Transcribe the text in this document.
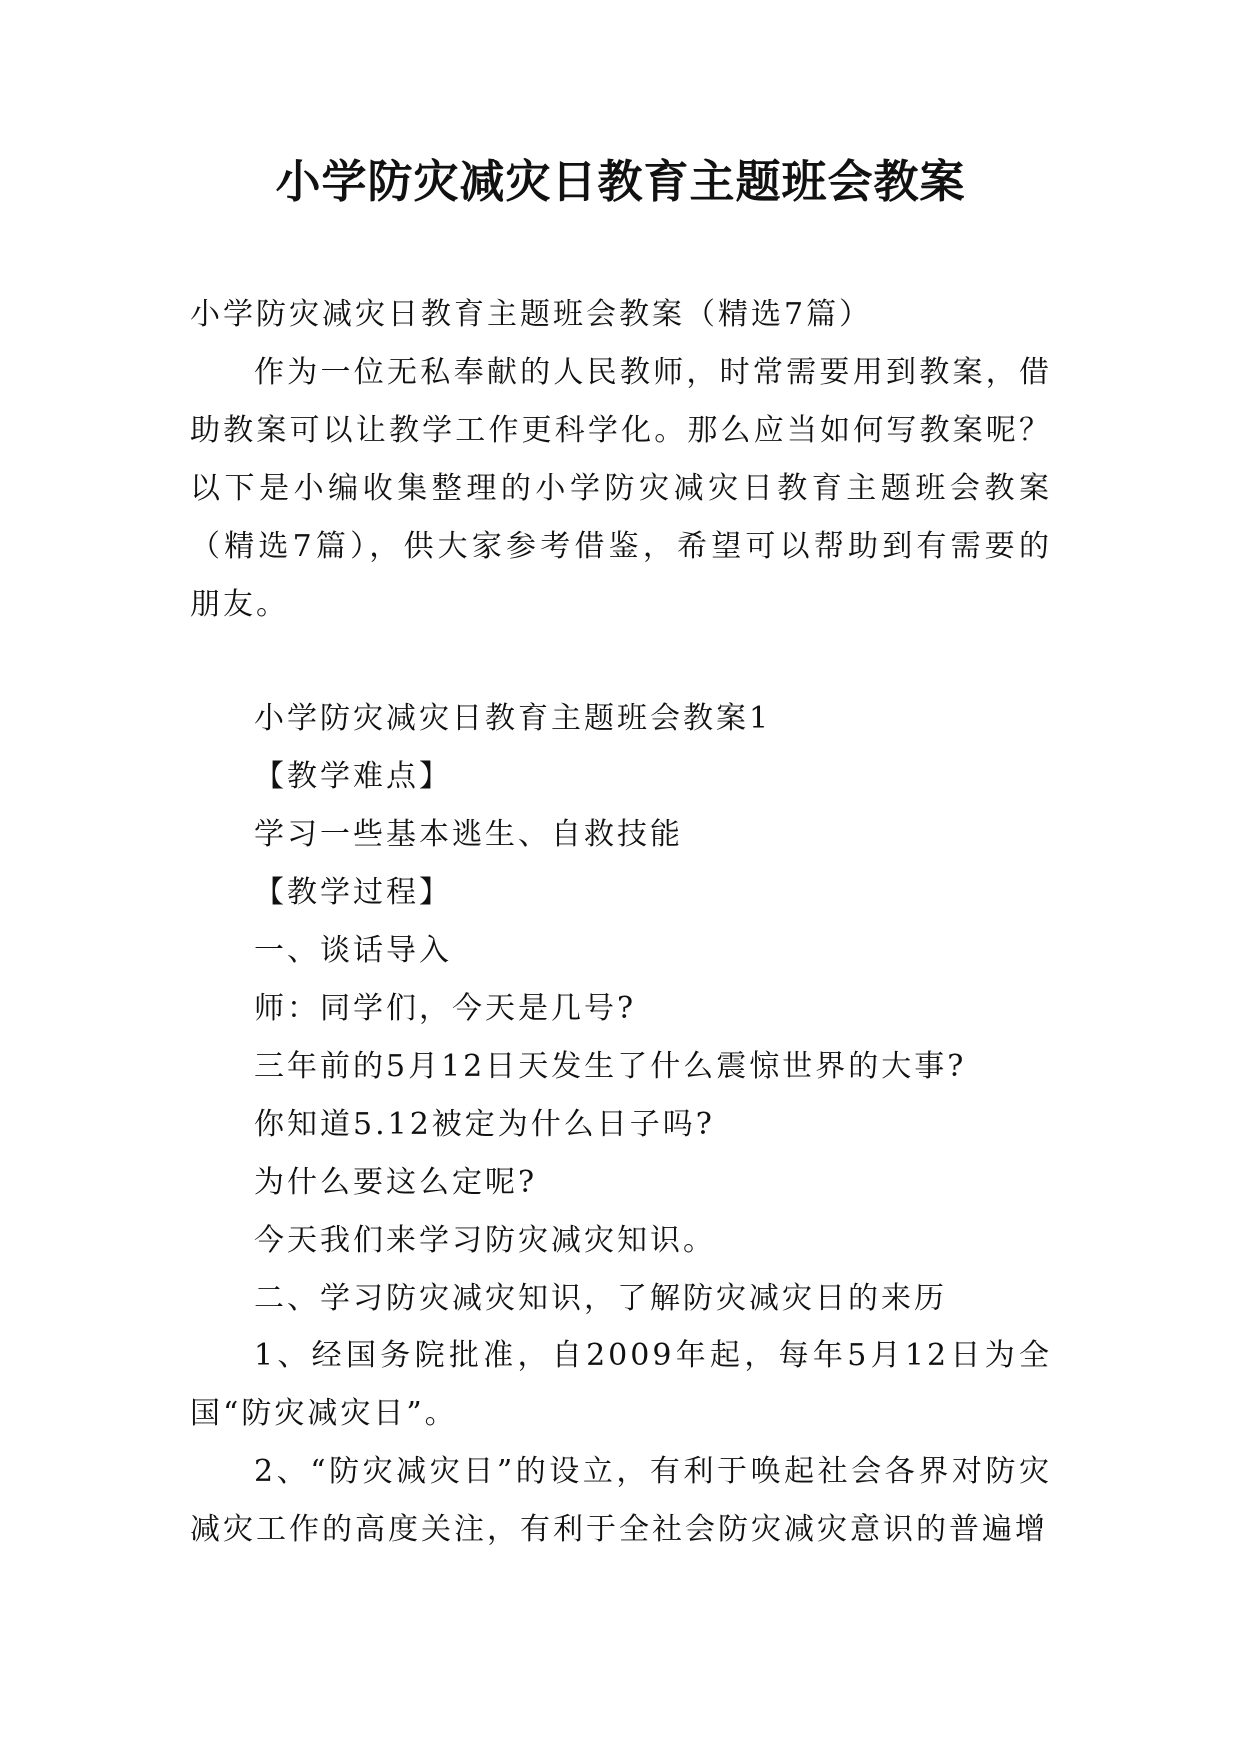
小学防灾减灾日教育主题班会教案

小学防灾减灾日教育主题班会教案（精选7篇）

作为一位无私奉献的人民教师，时常需要用到教案，借助教案可以让教学工作更科学化。那么应当如何写教案呢？以下是小编收集整理的小学防灾减灾日教育主题班会教案（精选7篇），供大家参考借鉴，希望可以帮助到有需要的朋友。

小学防灾减灾日教育主题班会教案1

【教学难点】

学习一些基本逃生、自救技能

【教学过程】

一、谈话导入

师：同学们，今天是几号?

三年前的5月12日天发生了什么震惊世界的大事?

你知道5.12被定为什么日子吗?

为什么要这么定呢?

今天我们来学习防灾减灾知识。

二、学习防灾减灾知识，了解防灾减灾日的来历

1、经国务院批准，自2009年起，每年5月12日为全国“防灾减灾日”。

2、“防灾减灾日”的设立，有利于唤起社会各界对防灾减灾工作的高度关注，有利于全社会防灾减灾意识的普遍增
